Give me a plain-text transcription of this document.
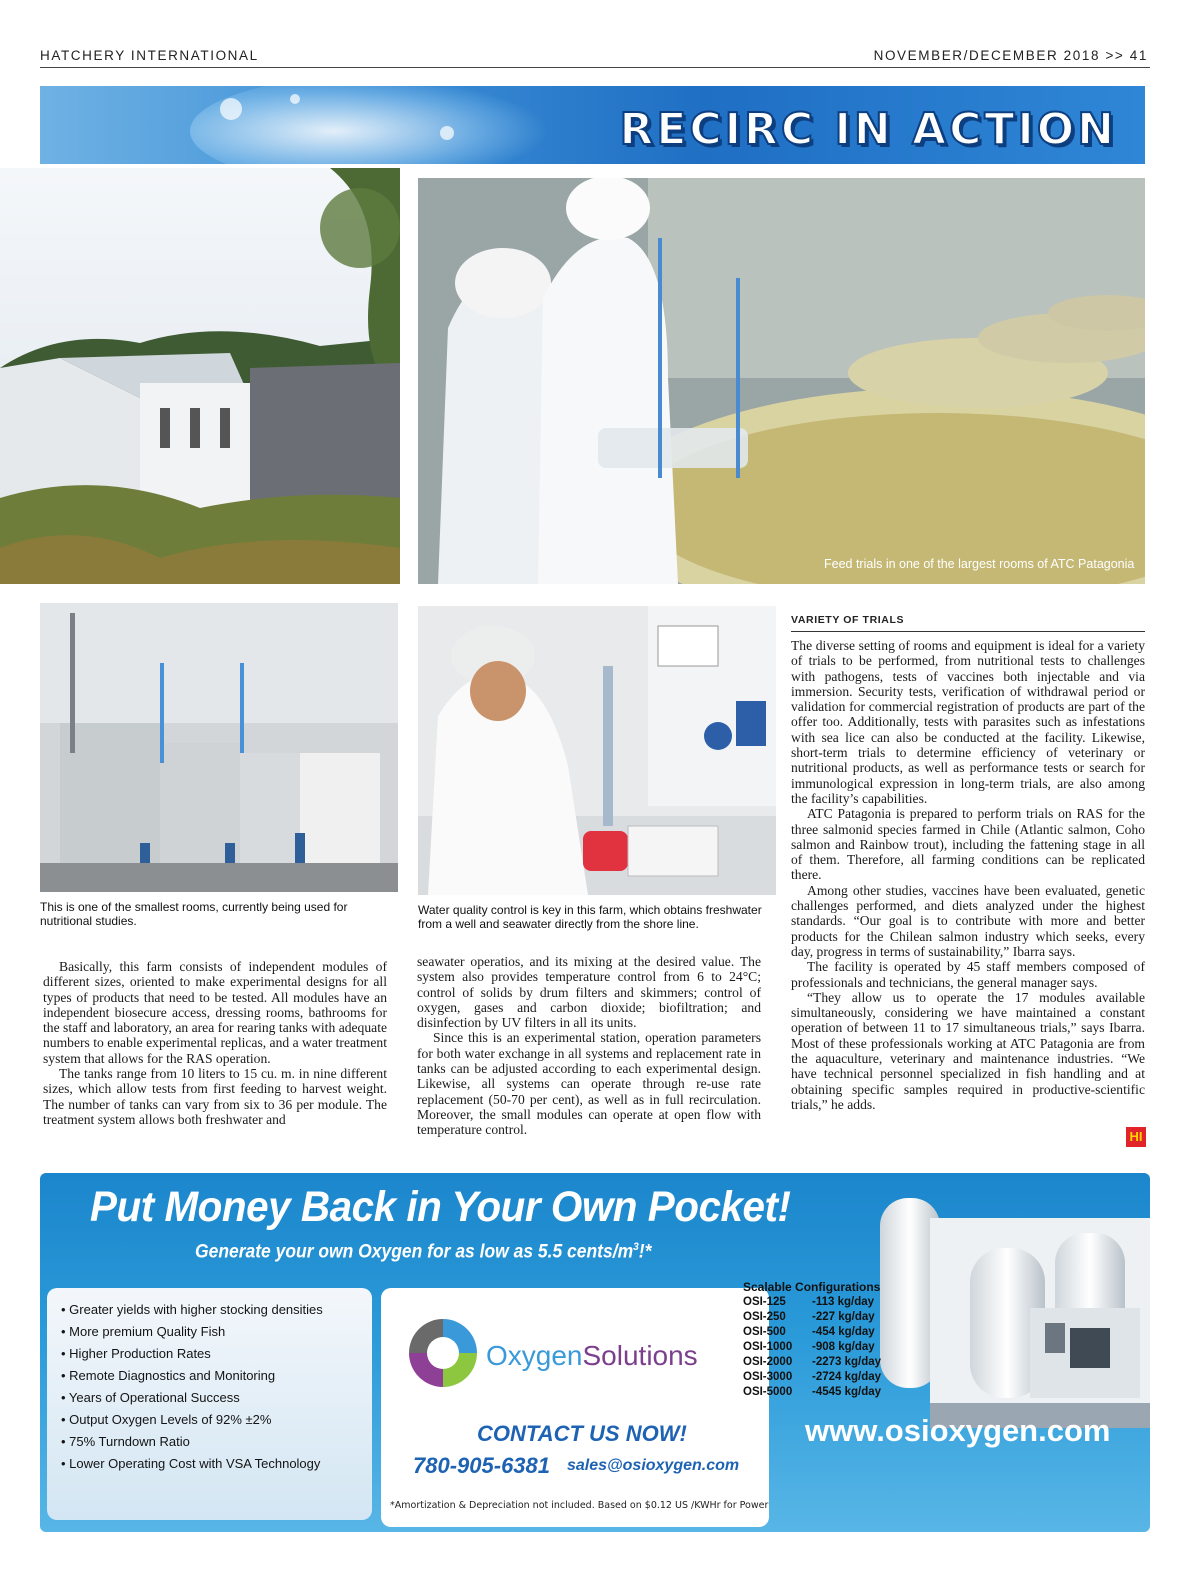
HATCHERY INTERNATIONAL	NOVEMBER/DECEMBER 2018 >> 41
RECIRC IN ACTION
Feed trials in one of the largest rooms of ATC Patagonia
This is one of the smallest rooms, currently being used for nutritional studies.
Water quality control is key in this farm, which obtains freshwater from a well and seawater directly from the shore line.

Basically, this farm consists of independent modules of different sizes, oriented to make experimental designs for all types of products that need to be tested. All modules have an independent biosecure access, dressing rooms, bathrooms for the staff and laboratory, an area for rearing tanks with adequate numbers to enable experimental replicas, and a water treatment system that allows for the RAS operation.

The tanks range from 10 liters to 15 cu. m. in nine different sizes, which allow tests from first feeding to harvest weight. The number of tanks can vary from six to 36 per module. The treatment system allows both freshwater and

seawater operatios, and its mixing at the desired value. The system also provides temperature control from 6 to 24°C; control of solids by drum filters and skimmers; control of oxygen, gases and carbon dioxide; biofiltration; and disinfection by UV filters in all its units.

Since this is an experimental station, operation parameters for both water exchange in all systems and replacement rate in tanks can be adjusted according to each experimental design. Likewise, all systems can operate through re-use rate replacement (50-70 per cent), as well as in full recirculation. Moreover, the small modules can operate at open flow with temperature control.

VARIETY OF TRIALS

The diverse setting of rooms and equipment is ideal for a variety of trials to be performed, from nutritional tests to challenges with pathogens, tests of vaccines both injectable and via immersion. Security tests, verification of withdrawal period or validation for commercial registration of products are part of the offer too. Additionally, tests with parasites such as infestations with sea lice can also be conducted at the facility. Likewise, short-term trials to determine efficiency of veterinary or nutritional products, as well as performance tests or search for immunological expression in long-term trials, are also among the facility’s capabilities.

ATC Patagonia is prepared to perform trials on RAS for the three salmonid species farmed in Chile (Atlantic salmon, Coho salmon and Rainbow trout), including the fattening stage in all of them. Therefore, all farming conditions can be replicated there.

Among other studies, vaccines have been evaluated, genetic challenges performed, and diets analyzed under the highest standards. “Our goal is to contribute with more and better products for the Chilean salmon industry which seeks, every day, progress in terms of sustainability,” Ibarra says.

The facility is operated by 45 staff members composed of professionals and technicians, the general manager says.

“They allow us to operate the 17 modules available simultaneously, considering we have maintained a constant operation of between 11 to 17 simultaneous trials,” says Ibarra. Most of these professionals working at ATC Patagonia are from the aquaculture, veterinary and maintenance industries. “We have technical personnel specialized in fish handling and at obtaining specific samples required in productive-scientific trials,” he adds.

HI
Put Money Back in Your Own Pocket!
Generate your own Oxygen for as low as 5.5 cents/$m^3!*$
• Greater yields with higher stocking densities
• More premium Quality Fish
• Higher Production Rates
• Remote Diagnostics and Monitoring
• Years of Operational Success
• Output Oxygen Levels of 92% ±2%
• 75% Turndown Ratio
• Lower Operating Cost with VSA Technology
OxygenSolutions
CONTACT US NOW!
780-905-6381 sales@osioxygen.com
*Amortization & Depreciation not included. Based on $0.12 US /KWHr for Power
Scalable Configurations
OSI-125 -113 kg/day
OSI-250 -227 kg/day
OSI-500 -454 kg/day
OSI-1000 -908 kg/day
OSI-2000 -2273 kg/day
OSI-3000 -2724 kg/day
OSI-5000 -4545 kg/day
www.osioxygen.com
